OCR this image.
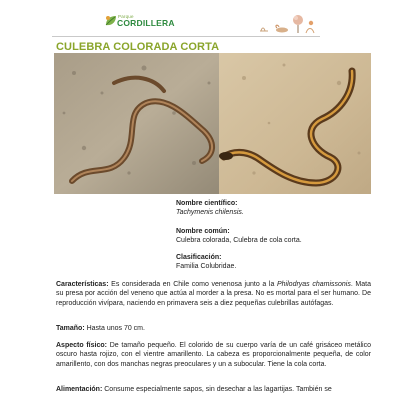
Parque
CORDILLERA
CULEBRA COLORADA CORTA
Nombre científico:
Tachymenis chilensis.
Nombre común:
Culebra colorada, Culebra de cola corta.
Clasificación:
Familia Colubridae.
Características: Es considerada en Chile como venenosa junto a la Philodryas chamissonis. Mata su presa por acción del veneno que actúa al morder a la presa. No es mortal para el ser humano. De reproducción vivípara, naciendo en primavera seis a diez pequeñas culebrillas autófagas.
Tamaño: Hasta unos 70 cm.
Aspecto físico: De tamaño pequeño. El colorido de su cuerpo varía de un café grisáceo metálico oscuro hasta rojizo, con el vientre amarillento. La cabeza es proporcionalmente pequeña, de color amarillento, con dos manchas negras preoculares y un a subocular. Tiene la cola corta.
Alimentación: Consume especialmente sapos, sin desechar a las lagartijas. También se
